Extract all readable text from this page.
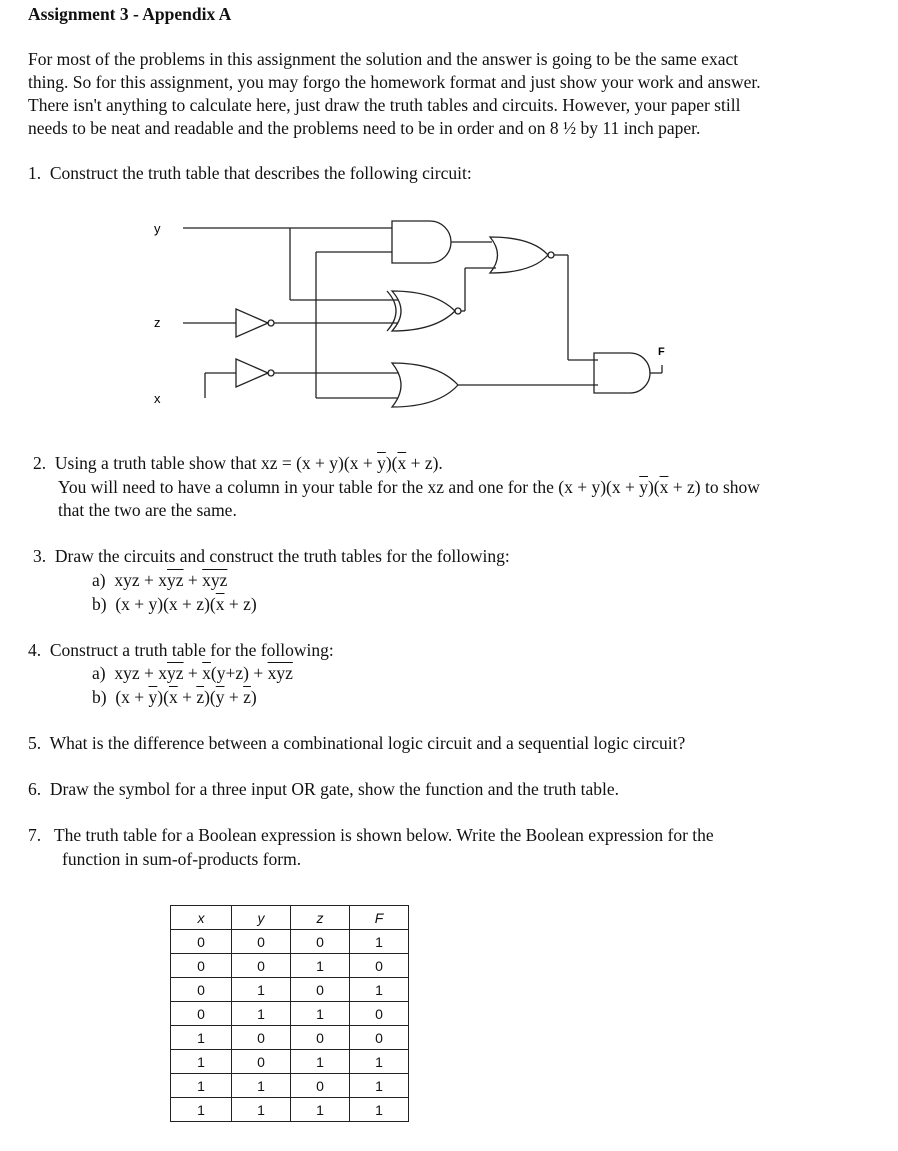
Assignment 3 - Appendix A
For most of the problems in this assignment the solution and the answer is going to be the same exact
thing. So for this assignment, you may forgo the homework format and just show your work and answer.
There isn't anything to calculate here, just draw the truth tables and circuits. However, your paper still
needs to be neat and readable and the problems need to be in order and on 8 ½ by 11 inch paper.
1. Construct the truth table that describes the following circuit:
y
z
x
F
2. Using a truth table show that xz = $(x + y)(x + \overline{y})(\overline{x} + z)$.
You will need to have a column in your table for the xz and one for the $(x + y)(x + \overline{y})(\overline{x} + z)$ to show
that the two are the same.
3. Draw the circuits and construct the truth tables for the following:
a) xyz + $x\overline{yz} + \overline{xyz}$
b) $(x + y)(x + z)(\overline{x} + z)$
4. Construct a truth table for the following:
a) xyz + $x\overline{yz} + \overline{x}(y+z) + \overline{xyz}$
b) $(x + \overline{y})(\overline{x} + \overline{z})(\overline{y} + \overline{z})$
5. What is the difference between a combinational logic circuit and a sequential logic circuit?
6. Draw the symbol for a three input OR gate, show the function and the truth table.
7. The truth table for a Boolean expression is shown below. Write the Boolean expression for the
function in sum-of-products form.
x	y	z	F
0	0	0	1
0	0	1	0
0	1	0	1
0	1	1	0
1	0	0	0
1	0	1	1
1	1	0	1
1	1	1	1
